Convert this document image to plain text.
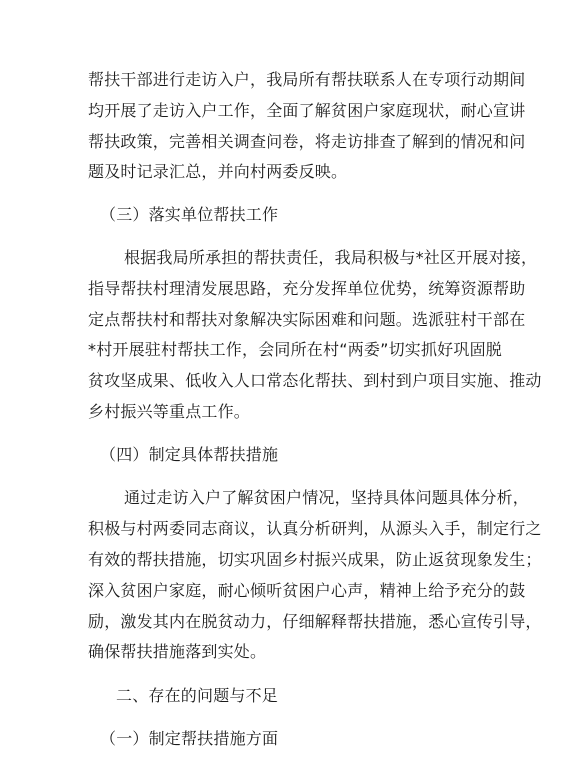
帮扶干部进行走访入户，我局所有帮扶联系人在专项行动期间
均开展了走访入户工作，全面了解贫困户家庭现状，耐心宣讲
帮扶政策，完善相关调查问卷，将走访排查了解到的情况和问
题及时记录汇总，并向村两委反映。
（三）落实单位帮扶工作
根据我局所承担的帮扶责任，我局积极与*社区开展对接，
指导帮扶村理清发展思路，充分发挥单位优势，统筹资源帮助
定点帮扶村和帮扶对象解决实际困难和问题。选派驻村干部在
*村开展驻村帮扶工作，会同所在村“两委”切实抓好巩固脱
贫攻坚成果、低收入人口常态化帮扶、到村到户项目实施、推动
乡村振兴等重点工作。
（四）制定具体帮扶措施
通过走访入户了解贫困户情况，坚持具体问题具体分析，
积极与村两委同志商议，认真分析研判，从源头入手，制定行之
有效的帮扶措施，切实巩固乡村振兴成果，防止返贫现象发生；
深入贫困户家庭，耐心倾听贫困户心声，精神上给予充分的鼓
励，激发其内在脱贫动力，仔细解释帮扶措施，悉心宣传引导，
确保帮扶措施落到实处。
二、存在的问题与不足
（一）制定帮扶措施方面
